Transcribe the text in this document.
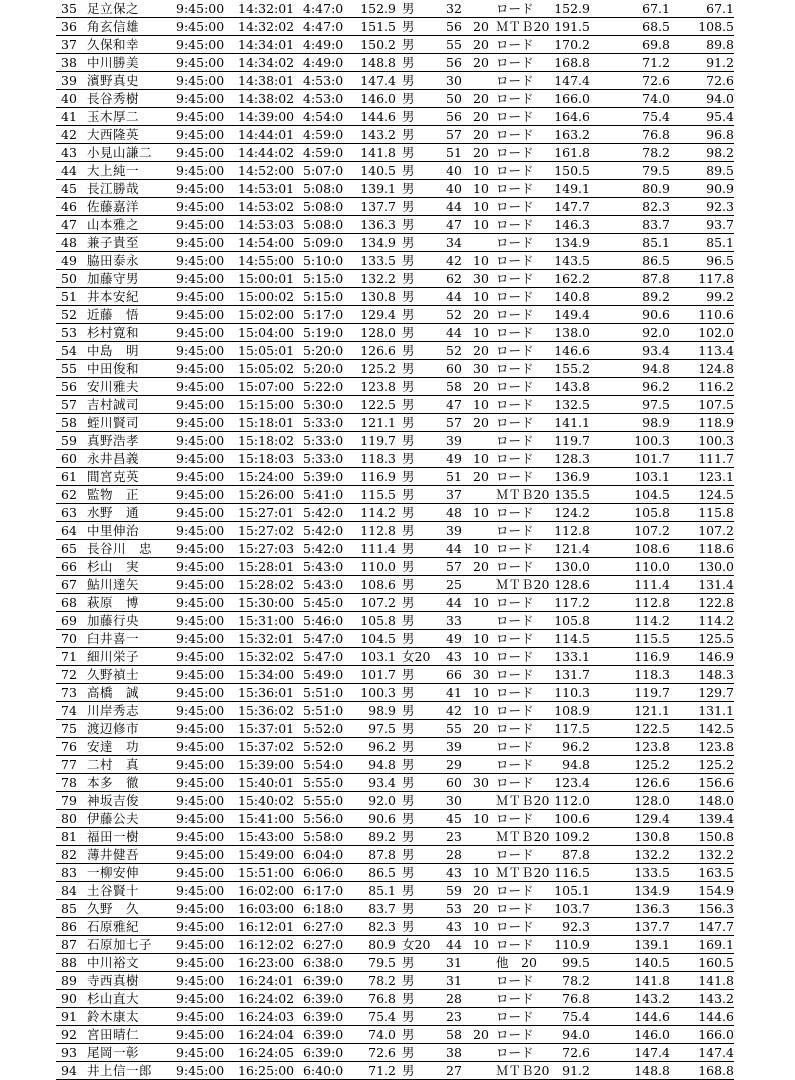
35 足立保之	9:45:00	14:32:01 4:47:0	152.9 男	32	ロード	152.9	67.1	67.1
36 角玄信雄	9:45:00	14:32:02 4:47:0	151.5 男	56 20 ＭＴＢ20 191.5	68.5	108.5
37 久保和幸	9:45:00	14:34:01 4:49:0	150.2 男	55 20 ロード	170.2	69.8	89.8
38 中川勝美	9:45:00	14:34:02 4:49:0	148.8 男	56 20 ロード	168.8	71.2	91.2
39 濱野真史	9:45:00	14:38:01 4:53:0	147.4 男	30	ロード	147.4	72.6	72.6
40 長谷秀樹	9:45:00	14:38:02 4:53:0	146.0 男	50 20 ロード	166.0	74.0	94.0
41 玉木厚二	9:45:00	14:39:00 4:54:0	144.6 男	56 20 ロード	164.6	75.4	95.4
42 大西隆英	9:45:00	14:44:01 4:59:0	143.2 男	57 20 ロード	163.2	76.8	96.8
43 小見山謙二	9:45:00	14:44:02 4:59:0	141.8 男	51 20 ロード	161.8	78.2	98.2
44 大上純一	9:45:00	14:52:00 5:07:0	140.5 男	40 10 ロード	150.5	79.5	89.5
45 長江勝哉	9:45:00	14:53:01 5:08:0	139.1 男	40 10 ロード	149.1	80.9	90.9
46 佐藤嘉洋	9:45:00	14:53:02 5:08:0	137.7 男	44 10 ロード	147.7	82.3	92.3
47 山本雅之	9:45:00	14:53:03 5:08:0	136.3 男	47 10 ロード	146.3	83.7	93.7
48 兼子貴至	9:45:00	14:54:00 5:09:0	134.9 男	34	ロード	134.9	85.1	85.1
49 脇田泰永	9:45:00	14:55:00 5:10:0	133.5 男	42 10 ロード	143.5	86.5	96.5
50 加藤守男	9:45:00	15:00:01 5:15:0	132.2 男	62 30 ロード	162.2	87.8	117.8
51 井本安紀	9:45:00	15:00:02 5:15:0	130.8 男	44 10 ロード	140.8	89.2	99.2
52 近藤　悟	9:45:00	15:02:00 5:17:0	129.4 男	52 20 ロード	149.4	90.6	110.6
53 杉村寛和	9:45:00	15:04:00 5:19:0	128.0 男	44 10 ロード	138.0	92.0	102.0
54 中島　明	9:45:00	15:05:01 5:20:0	126.6 男	52 20 ロード	146.6	93.4	113.4
55 中田俊和	9:45:00	15:05:02 5:20:0	125.2 男	60 30 ロード	155.2	94.8	124.8
56 安川雅夫	9:45:00	15:07:00 5:22:0	123.8 男	58 20 ロード	143.8	96.2	116.2
57 吉村誠司	9:45:00	15:15:00 5:30:0	122.5 男	47 10 ロード	132.5	97.5	107.5
58 蛭川賢司	9:45:00	15:18:01 5:33:0	121.1 男	57 20 ロード	141.1	98.9	118.9
59 真野浩孝	9:45:00	15:18:02 5:33:0	119.7 男	39	ロード	119.7	100.3	100.3
60 永井昌義	9:45:00	15:18:03 5:33:0	118.3 男	49 10 ロード	128.3	101.7	111.7
61 間宮克英	9:45:00	15:24:00 5:39:0	116.9 男	51 20 ロード	136.9	103.1	123.1
62 監物　正	9:45:00	15:26:00 5:41:0	115.5 男	37	ＭＴＢ20 135.5	104.5	124.5
63 水野　通	9:45:00	15:27:01 5:42:0	114.2 男	48 10 ロード	124.2	105.8	115.8
64 中里伸治	9:45:00	15:27:02 5:42:0	112.8 男	39	ロード	112.8	107.2	107.2
65 長谷川　忠	9:45:00	15:27:03 5:42:0	111.4 男	44 10 ロード	121.4	108.6	118.6
66 杉山　実	9:45:00	15:28:01 5:43:0	110.0 男	57 20 ロード	130.0	110.0	130.0
67 鮎川達矢	9:45:00	15:28:02 5:43:0	108.6 男	25	ＭＴＢ20 128.6	111.4	131.4
68 萩原　博	9:45:00	15:30:00 5:45:0	107.2 男	44 10 ロード	117.2	112.8	122.8
69 加藤行央	9:45:00	15:31:00 5:46:0	105.8 男	33	ロード	105.8	114.2	114.2
70 臼井喜一	9:45:00	15:32:01 5:47:0	104.5 男	49 10 ロード	114.5	115.5	125.5
71 細川栄子	9:45:00	15:32:02 5:47:0	103.1 女20 43 10 ロード	133.1	116.9	146.9
72 久野禎士	9:45:00	15:34:00 5:49:0	101.7 男	66 30 ロード	131.7	118.3	148.3
73 高橋　誠	9:45:00	15:36:01 5:51:0	100.3 男	41 10 ロード	110.3	119.7	129.7
74 川岸秀志	9:45:00	15:36:02 5:51:0	98.9 男	42 10 ロード	108.9	121.1	131.1
75 渡辺修市	9:45:00	15:37:01 5:52:0	97.5 男	55 20 ロード	117.5	122.5	142.5
76 安達　功	9:45:00	15:37:02 5:52:0	96.2 男	39	ロード	96.2	123.8	123.8
77 二村　真	9:45:00	15:39:00 5:54:0	94.8 男	29	ロード	94.8	125.2	125.2
78 本多　徹	9:45:00	15:40:01 5:55:0	93.4 男	60 30 ロード	123.4	126.6	156.6
79 神坂吉俊	9:45:00	15:40:02 5:55:0	92.0 男	30	ＭＴＢ20 112.0	128.0	148.0
80 伊藤公夫	9:45:00	15:41:00 5:56:0	90.6 男	45 10 ロード	100.6	129.4	139.4
81 福田一樹	9:45:00	15:43:00 5:58:0	89.2 男	23	ＭＴＢ20 109.2	130.8	150.8
82 薄井健吾	9:45:00	15:49:00 6:04:0	87.8 男	28	ロード	87.8	132.2	132.2
83 一柳安伸	9:45:00	15:51:00 6:06:0	86.5 男	43 10 ＭＴＢ20 116.5	133.5	163.5
84 土谷賢十	9:45:00	16:02:00 6:17:0	85.1 男	59 20 ロード	105.1	134.9	154.9
85 久野　久	9:45:00	16:03:00 6:18:0	83.7 男	53 20 ロード	103.7	136.3	156.3
86 石原雅紀	9:45:00	16:12:01 6:27:0	82.3 男	43 10 ロード	92.3	137.7	147.7
87 石原加七子	9:45:00	16:12:02 6:27:0	80.9 女20 44 10 ロード	110.9	139.1	169.1
88 中川裕文	9:45:00	16:23:00 6:38:0	79.5 男	31	他　20	99.5	140.5	160.5
89 寺西真樹	9:45:00	16:24:01 6:39:0	78.2 男	31	ロード	78.2	141.8	141.8
90 杉山直大	9:45:00	16:24:02 6:39:0	76.8 男	28	ロード	76.8	143.2	143.2
91 鈴木康太	9:45:00	16:24:03 6:39:0	75.4 男	23	ロード	75.4	144.6	144.6
92 宮田晴仁	9:45:00	16:24:04 6:39:0	74.0 男	58 20 ロード	94.0	146.0	166.0
93 尾岡一彰	9:45:00	16:24:05 6:39:0	72.6 男	38	ロード	72.6	147.4	147.4
94 井上信一郎	9:45:00	16:25:00 6:40:0	71.2 男	27	ＭＴＢ20	91.2	148.8	168.8
